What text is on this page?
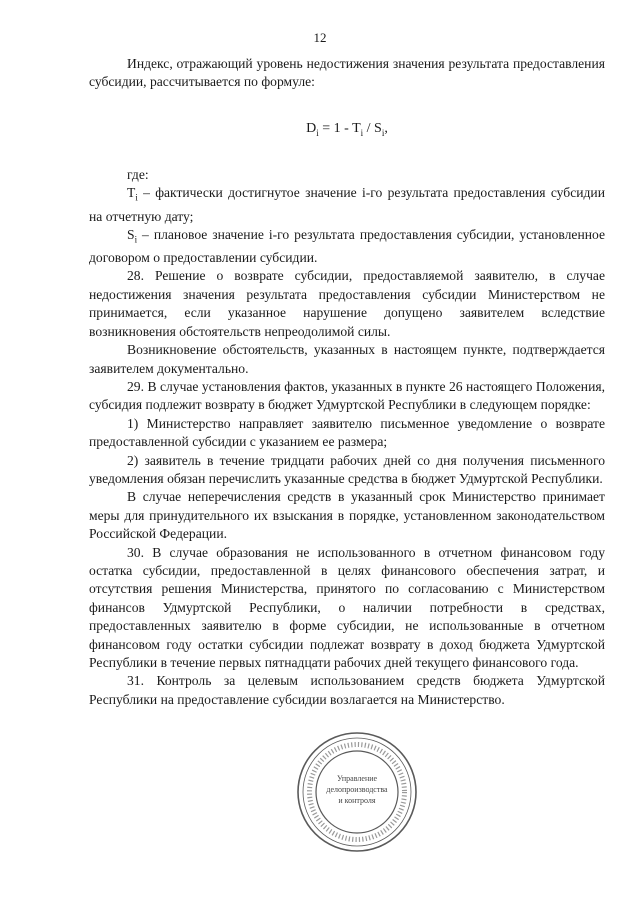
12

Индекс, отражающий уровень недостижения значения результата предоставления субсидии, рассчитывается по формуле:

$D_i = 1 - T_i / S_i$,

где:

$T_i$ – фактически достигнутое значение i-го результата предоставления субсидии на отчетную дату;

$S_i$ – плановое значение i-го результата предоставления субсидии, установленное договором о предоставлении субсидии.

28. Решение о возврате субсидии, предоставляемой заявителю, в случае недостижения значения результата предоставления субсидии Министерством не принимается, если указанное нарушение допущено заявителем вследствие возникновения обстоятельств непреодолимой силы.

Возникновение обстоятельств, указанных в настоящем пункте, подтверждается заявителем документально.

29. В случае установления фактов, указанных в пункте 26 настоящего Положения, субсидия подлежит возврату в бюджет Удмуртской Республики в следующем порядке:

1) Министерство направляет заявителю письменное уведомление о возврате предоставленной субсидии с указанием ее размера;

2) заявитель в течение тридцати рабочих дней со дня получения письменного уведомления обязан перечислить указанные средства в бюджет Удмуртской Республики.

В случае неперечисления средств в указанный срок Министерство принимает меры для принудительного их взыскания в порядке, установленном законодательством Российской Федерации.

30. В случае образования не использованного в отчетном финансовом году остатка субсидии, предоставленной в целях финансового обеспечения затрат, и отсутствия решения Министерства, принятого по согласованию с Министерством финансов Удмуртской Республики, о наличии потребности в средствах, предоставленных заявителю в форме субсидии, не использованные в отчетном финансовом году остатки субсидии подлежат возврату в доход бюджета Удмуртской Республики в течение первых пятнадцати рабочих дней текущего финансового года.

31. Контроль за целевым использованием средств бюджета Удмуртской Республики на предоставление субсидии возлагается на Министерство.

Управление
делопроизводства
и контроля
